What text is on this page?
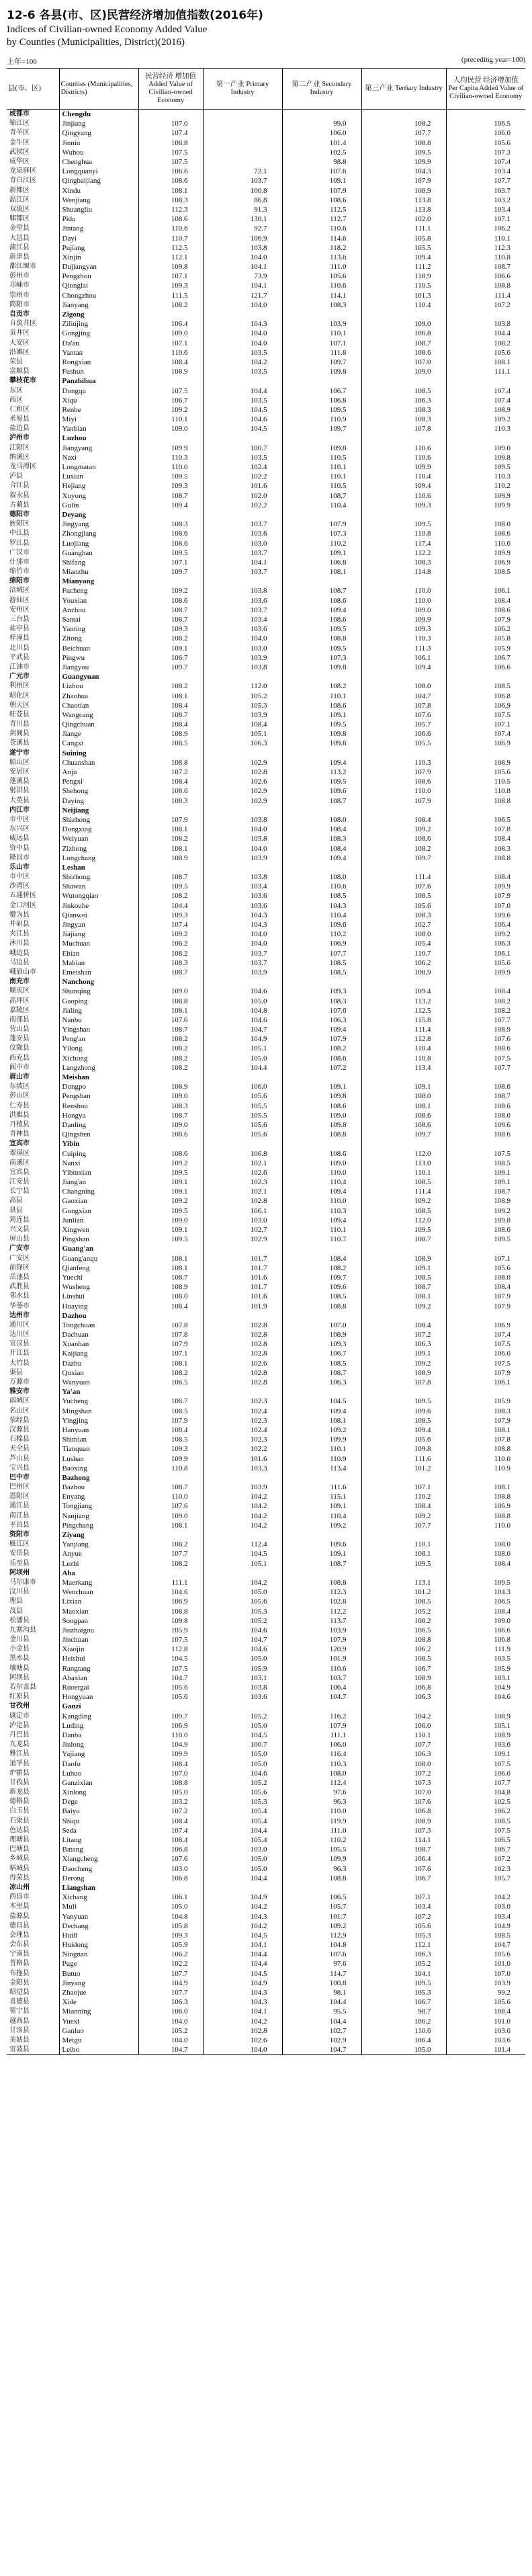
12-6 各县(市、区)民营经济增加值指数(2016年)
Indices of Civilian-owned Economy Added Value
by Counties (Municipalities, District)(2016)
上年=100	(preceding year=100)
县(市、区)	Counties (Municipalities, Districts)	民营经济 增加值 Added Value of Civilian-owned Economy	第一产业 Primary Industry	第二产业 Secondary Industry	第三产业 Tertiary Industry	人均民营 经济增加值 Per Capita Added Value of Civilian-owned Economy
成都市	Chengdu					
锦江区	Jinjiang	107.0		99.0	108.2	106.5
青羊区	Qingyang	107.4		106.0	107.7	106.0
金牛区	Jinniu	106.8		101.4	108.8	105.6
武侯区	Wuhou	107.5		102.5	109.5	107.3
成华区	Chenghua	107.5		98.8	109.9	107.4
龙泉驿区	Longquanyi	106.6	72.1	107.6	104.3	103.4
青白江区	Qingbaijiang	108.6	103.7	109.1	107.9	107.7
新都区	Xindu	108.1	100.8	107.9	108.9	103.7
温江区	Wenjiang	108.3	86.8	108.6	113.8	103.2
双流区	Shuangliu	112.3	91.3	112.5	113.8	103.4
郫都区	Pidu	108.6	130.1	112.7	102.0	107.1
金堂县	Jintang	110.6	92.7	110.6	111.1	106.2
大邑县	Dayi	110.7	106.9	114.6	105.8	110.1
蒲江县	Pujiang	112.5	103.8	118.2	105.5	112.3
新津县	Xinjin	112.1	104.0	113.6	109.4	110.8
都江堰市	Dujiangyan	109.8	104.1	111.0	111.2	108.7
彭州市	Pengzhou	107.1	73.9	105.6	118.9	106.6
邛崃市	Qionglai	109.3	104.1	110.6	110.5	108.8
崇州市	Chongzhou	111.5	121.7	114.1	101.3	111.4
简阳市	Jianyang	108.2	104.0	108.3	110.4	107.2
自贡市	Zigong					
自流井区	Ziliujing	106.4	104.3	103.9	109.0	103.8
贡井区	Gongjing	109.0	104.0	110.1	106.8	104.4
大安区	Da'an	107.1	104.0	107.1	108.7	108.2
沿滩区	Yantan	110.6	103.5	111.8	108.6	105.6
荣县	Rongxian	108.4	104.2	109.7	107.0	108.1
富顺县	Fushun	108.9	103.5	109.8	109.0	111.1
攀枝花市	Panzhihua					
东区	Dongqu	107.5	104.4	106.7	108.5	107.4
西区	Xiqu	106.7	103.5	106.8	106.3	107.4
仁和区	Renhe	109.2	104.5	109.5	108.3	108.9
米易县	Miyi	110.1	104.6	110.9	108.3	109.2
盐边县	Yanbian	109.0	104.5	109.7	107.8	110.3
泸州市	Luzhou					
江阳区	Jiangyang	109.9	100.7	109.8	110.6	109.0
纳溪区	Naxi	110.3	103.5	110.5	110.6	109.8
龙马潭区	Longmatan	110.0	102.4	110.1	109.9	109.5
泸县	Luxian	109.5	102.2	110.1	110.4	110.3
合江县	Hejiang	109.3	101.6	110.5	109.4	110.2
叙永县	Xuyong	108.7	102.0	108.7	110.6	109.9
古蔺县	Gulin	109.4	102.2	110.4	109.3	109.9
德阳市	Deyang					
旌阳区	Jingyang	108.3	103.7	107.9	109.5	108.0
中江县	Zhongjiang	108.6	103.6	107.3	110.8	108.6
罗江县	Luojiang	108.6	103.0	110.2	117.4	110.6
广汉市	Guanghan	109.5	103.7	109.1	112.2	109.9
什邡市	Shifang	107.1	104.1	106.8	108.3	106.9
绵竹市	Mianzhu	109.7	103.7	108.1	114.8	108.5
绵阳市	Mianyang					
涪城区	Fucheng	109.2	103.8	108.7	110.0	106.1
游仙区	Youxian	108.6	103.6	108.6	110.0	108.4
安州区	Anzhou	108.7	103.7	109.4	109.0	108.6
三台县	Santai	108.7	103.4	108.6	109.9	107.9
盐亭县	Yanting	109.3	103.6	109.5	109.3	106.2
梓潼县	Zitong	108.2	104.0	108.8	110.3	105.8
北川县	Beichuan	109.1	103.0	109.5	111.3	105.9
平武县	Pingwu	106.7	103.9	107.3	106.1	106.7
江油市	Jiangyou	109.7	103.8	109.8	109.4	106.6
广元市	Guangyuan					
利州区	Lizhou	108.2	112.0	108.2	108.0	108.5
昭化区	Zhaohua	108.1	105.2	110.1	104.7	106.8
朝天区	Chaotian	108.4	105.3	108.6	107.8	106.9
旺苍县	Wangcang	108.7	103.9	109.1	107.6	107.5
青川县	Qingchuan	108.4	108.4	109.5	105.7	107.1
剑阁县	Jiange	108.9	105.1	109.8	106.6	107.4
苍溪县	Cangxi	108.5	106.3	109.8	105.5	106.9
遂宁市	Suining					
船山区	Chuanshan	108.8	102.9	109.4	110.3	108.9
安居区	Anju	107.2	102.8	113.2	107.9	105.6
蓬溪县	Pengxi	108.4	102.6	109.5	108.6	110.5
射洪县	Shehong	108.6	102.9	109.6	110.0	110.8
大英县	Daying	108.3	102.9	108.7	107.9	108.8
内江市	Neijiang					
市中区	Shizhong	107.9	103.8	108.0	108.4	106.5
东兴区	Dongxing	108.1	104.0	108.4	109.2	107.8
威远县	Weiyuan	108.2	103.8	108.3	108.6	108.4
资中县	Zizhong	108.1	104.0	108.4	108.2	108.3
隆昌市	Longchang	108.9	103.9	109.4	109.7	108.8
乐山市	Leshan					
市中区	Shizhong	108.7	103.8	108.0	111.4	108.4
沙湾区	Shawan	109.5	103.4	110.6	107.6	109.9
五通桥区	Wutongqiao	108.2	103.6	108.5	108.5	107.9
金口河区	Jinkouhe	104.4	103.6	104.3	105.6	107.0
犍为县	Qianwei	109.3	104.3	110.4	108.3	109.6
井研县	Jingyan	107.4	104.3	109.6	102.7	106.4
夹江县	Jiajiang	109.2	104.0	110.2	108.0	109.2
沐川县	Muchuan	106.2	104.0	106.9	105.4	106.3
峨边县	Ebian	108.2	103.7	107.7	110.7	106.1
马边县	Mabian	108.3	103.7	108.5	106.2	105.6
峨眉山市	Emeishan	108.7	103.9	108.5	108.9	109.9
南充市	Nanchong					
顺庆区	Shunqing	109.0	104.6	109.3	109.4	108.4
高坪区	Gaoping	108.8	105.0	108.3	113.2	108.2
嘉陵区	Jialing	108.1	104.8	107.6	112.5	108.2
南部县	Nanbu	107.6	104.6	106.3	115.8	107.7
营山县	Yingshan	108.7	104.7	109.4	111.4	108.9
蓬安县	Peng'an	108.2	104.9	107.9	112.8	107.6
仪陇县	Yilong	108.2	105.1	108.2	110.4	108.6
西充县	Xichong	108.2	105.0	108.6	110.8	107.5
阆中市	Langzhong	108.2	104.4	107.2	113.4	107.7
眉山市	Meishan					
东坡区	Dongpo	108.9	106.0	109.1	109.1	108.6
彭山区	Pengshan	109.0	105.6	109.8	108.0	108.7
仁寿县	Renshou	108.3	105.5	108.6	108.1	108.6
洪雅县	Hongya	108.7	105.5	109.0	108.6	108.0
丹棱县	Danling	109.0	105.6	109.8	108.6	109.6
青神县	Qingshen	108.6	105.6	108.8	109.7	108.6
宜宾市	Yibin					
翠屏区	Cuiping	108.6	106.8	108.6	112.0	107.5
南溪区	Nanxi	109.2	102.1	109.0	113.0	108.5
宜宾县	Yibinxian	109.5	102.6	110.0	110.1	109.1
江安县	Jiang'an	109.1	102.3	110.4	108.5	109.1
长宁县	Changning	109.1	102.1	109.4	111.4	108.7
高县	Gaoxian	109.2	102.8	110.0	109.2	108.9
珙县	Gongxian	109.5	106.1	110.3	108.5	109.2
筠连县	Junlian	109.0	103.0	109.4	112.0	109.8
兴文县	Xingwen	109.1	102.7	110.1	109.5	108.6
屏山县	Pingshan	109.5	102.9	110.7	108.7	109.5
广安市	Guang'an					
广安区	Guang'anqu	108.1	101.7	108.4	108.9	107.1
前锋区	Qianfeng	108.1	101.7	108.2	109.1	105.6
岳池县	Yuechi	108.7	101.6	109.7	108.5	108.0
武胜县	Wusheng	108.9	101.7	109.6	108.7	108.4
邻水县	Linshui	108.0	101.6	108.5	108.1	107.9
华蓥市	Huaying	108.4	101.9	108.8	109.2	107.9
达州市	Dazhou					
通川区	Tongchuan	107.8	102.8	107.0	108.4	106.9
达川区	Dachuan	107.8	102.8	108.9	107.2	107.4
宣汉县	Xuanhan	107.9	102.8	109.3	106.3	107.5
开江县	Kaijiang	107.1	102.8	106.7	109.1	106.0
大竹县	Dazhu	108.1	102.6	108.5	109.2	107.5
渠县	Quxian	108.2	102.8	108.7	108.9	107.9
万源市	Wanyuan	106.5	102.8	106.3	107.8	106.1
雅安市	Ya'an					
雨城区	Yucheng	106.7	102.3	104.5	109.5	105.9
名山区	Mingshan	108.5	102.4	109.4	109.6	108.3
荥经县	Yingjing	107.9	102.3	108.1	108.5	107.9
汉源县	Hanyuan	108.4	102.4	109.2	109.4	108.1
石棉县	Shimian	108.5	102.3	109.9	105.6	107.8
天全县	Tianquan	109.3	102.2	110.1	109.8	108.8
芦山县	Lushan	109.9	101.6	110.9	111.6	110.0
宝兴县	Baoxing	110.8	103.3	113.4	101.2	110.9
巴中市	Bazhong					
巴州区	Bazhou	108.7	103.9	111.6	107.1	108.1
恩阳区	Enyang	110.0	104.2	115.1	110.2	108.8
通江县	Tongjiang	107.6	104.2	109.1	108.4	106.9
南江县	Nanjiang	109.0	104.2	110.4	109.2	108.8
平昌县	Pingchang	108.1	104.2	109.2	107.7	110.0
资阳市	Ziyang					
雁江区	Yanjiang	108.2	112.4	109.6	110.1	108.0
安岳县	Anyue	107.7	104.5	109.1	108.1	108.0
乐至县	Lezhi	108.2	105.1	108.7	109.5	108.4
阿坝州	Aba					
马尔康市	Maerkang	111.1	104.2	108.8	113.1	109.5
汶川县	Wenchuan	104.6	105.0	112.3	101.2	104.3
理县	Lixian	106.9	105.6	102.8	108.5	106.5
茂县	Maoxian	108.8	105.3	112.2	105.2	108.4
松潘县	Songpan	109.8	105.2	113.7	108.2	109.0
九寨沟县	Jiuzhaigou	105.9	104.6	103.9	106.5	106.6
金川县	Jinchuan	107.5	104.7	107.9	108.8	106.8
小金县	Xiaojin	112.8	104.6	120.9	106.2	111.9
黑水县	Heishui	104.5	105.0	101.9	108.5	103.5
壤塘县	Rangtang	107.5	105.9	110.6	106.7	105.9
阿坝县	Abaxian	104.7	103.1	103.7	108.9	103.1
若尔盖县	Ruoergai	105.6	103.8	106.4	106.8	104.9
红原县	Hongyuan	105.6	103.6	104.7	106.3	104.6
甘孜州	Ganzi					
康定市	Kangding	109.7	105.2	116.2	104.2	108.9
泸定县	Luding	106.9	105.0	107.9	106.0	105.1
丹巴县	Danba	110.0	104.5	111.1	110.1	108.9
九龙县	Jiulong	104.9	100.7	106.0	107.7	103.6
雅江县	Yajiang	109.9	105.0	116.4	106.3	109.1
道孚县	Daofu	108.4	105.0	110.3	108.0	107.5
炉霍县	Luhuo	107.0	104.6	108.0	107.2	106.0
甘孜县	Ganzixian	108.8	105.2	112.4	107.3	107.7
新龙县	Xinlong	105.0	105.6	97.6	107.0	104.8
德格县	Dege	103.2	105.3	96.3	107.6	102.5
白玉县	Baiyu	107.2	105.4	110.0	106.8	106.2
石渠县	Shiqu	108.4	105.4	119.9	108.9	108.5
色达县	Seda	107.4	104.4	111.0	107.3	107.5
理塘县	Litang	108.4	105.4	110.2	114.1	106.5
巴塘县	Batang	106.8	103.0	105.5	108.7	106.7
乡城县	Xiangcheng	107.6	105.0	109.9	106.4	107.2
稻城县	Daocheng	103.0	105.0	96.3	107.6	102.3
得荣县	Derong	106.8	104.4	108.8	106.7	105.7
凉山州	Liangshan					
西昌市	Xichang	106.1	104.9	106.5	107.1	104.2
木里县	Muli	105.0	104.2	105.7	103.4	103.0
盐源县	Yanyuan	104.8	104.3	101.7	107.2	103.4
德昌县	Dechang	105.8	104.2	109.2	105.6	104.9
会理县	Huili	109.3	104.5	112.9	105.3	108.5
会东县	Huidong	105.9	104.1	104.8	112.1	104.7
宁南县	Ningnan	106.2	104.4	107.6	106.3	105.6
普格县	Puge	102.2	104.4	97.6	105.2	101.0
布拖县	Butuo	107.7	104.5	114.7	104.1	107.0
金阳县	Jinyang	104.9	104.9	100.8	109.5	103.9
昭觉县	Zhaojue	107.7	104.3	98.1	105.3	99.2
喜德县	Xide	106.3	104.3	104.4	106.7	105.6
冕宁县	Mianning	106.0	104.1	95.5	98.7	108.4
越西县	Yuexi	104.0	104.2	104.4	106.2	101.0
甘洛县	Ganluo	105.2	102.8	102.7	110.6	103.6
美姑县	Meigu	104.0	102.6	102.9	106.4	103.6
雷波县	Leibo	104.7	104.0	104.7	105.0	101.4
